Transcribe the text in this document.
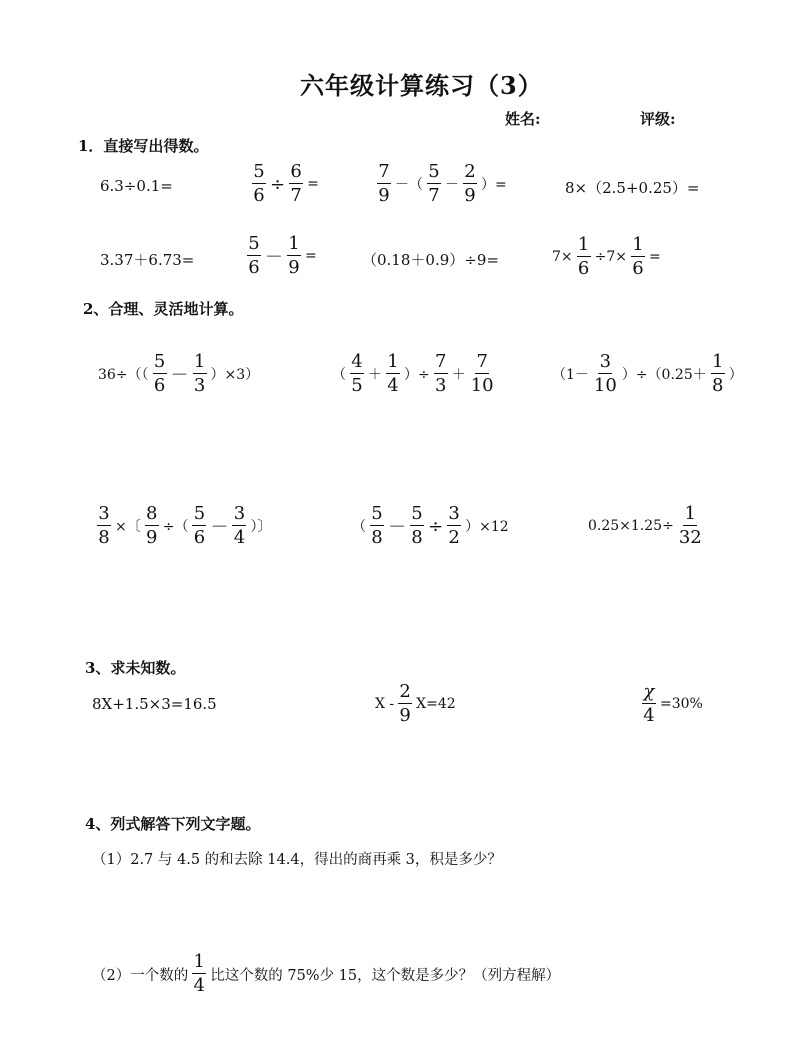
六年级计算练习（3）
姓名:	评级:
1．直接写出得数。
6.3÷0.1=	$\frac{5}{6} \div \frac{6}{7}$ =	$\frac{7}{9}$ －（ $\frac{5}{7} - \frac{2}{9}$ ）=	8×（2.5+0.25）=
3.37＋6.73=	$\frac{5}{6} - \frac{1}{9}$ =	（0.18＋0.9）÷9=	$7\times \frac{1}{6} \div 7\times \frac{1}{6}$ =
2、合理、灵活地计算。
$36\div(( \frac{5}{6} - \frac{1}{3} )\times 3)$	（ $\frac{4}{5} + \frac{1}{4}$ ）÷ $\frac{7}{3} + \frac{7}{10}$	$(1- \frac{3}{10} )\div(0.25+ \frac{1}{8}$ ）
$\frac{3}{8}$ ×〔 $\frac{8}{9}$ ÷（ $\frac{5}{6} - \frac{3}{4}$ ）〕	（ $\frac{5}{8} - \frac{5}{8} \div \frac{3}{2} )\times 12$	$0.25\times 1.25\div \frac{1}{32}$
3、求未知数。
8X+1.5×3=16.5	$X - \frac{2}{9} X=42$	$\frac{\chi}{4} =30\%$
4、列式解答下列文字题。
（1）2.7 与 4.5 的和去除 14.4，得出的商再乘 3，积是多少？
（2）一个数的 $\frac{1}{4}$ 比这个数的 75%少 15，这个数是多少？（列方程解）
